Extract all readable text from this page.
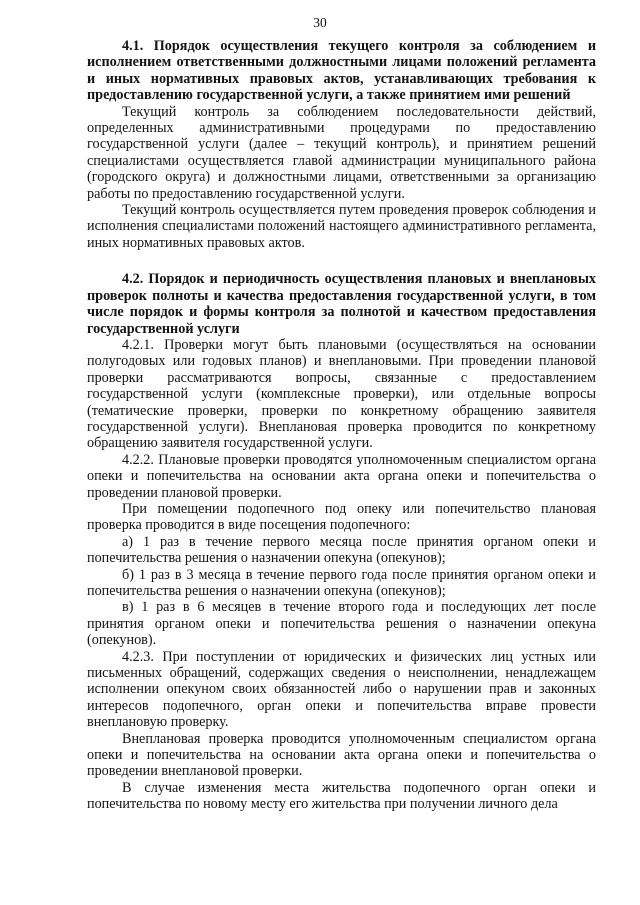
30

4.1. Порядок осуществления текущего контроля за соблюдением и исполнением ответственными должностными лицами положений регламента и иных нормативных правовых актов, устанавливающих требования к предоставлению государственной услуги, а также принятием ими решений

Текущий контроль за соблюдением последовательности действий, определенных административными процедурами по предоставлению государственной услуги (далее – текущий контроль), и принятием решений специалистами осуществляется главой администрации муниципального района (городского округа) и должностными лицами, ответственными за организацию работы по предоставлению государственной услуги.

Текущий контроль осуществляется путем проведения проверок соблюдения и исполнения специалистами положений настоящего административного регламента, иных нормативных правовых актов.

4.2. Порядок и периодичность осуществления плановых и внеплановых проверок полноты и качества предоставления государственной услуги, в том числе порядок и формы контроля за полнотой и качеством предоставления государственной услуги

4.2.1. Проверки могут быть плановыми (осуществляться на основании полугодовых или годовых планов) и внеплановыми. При проведении плановой проверки рассматриваются вопросы, связанные с предоставлением государственной услуги (комплексные проверки), или отдельные вопросы (тематические проверки, проверки по конкретному обращению заявителя государственной услуги). Внеплановая проверка проводится по конкретному обращению заявителя государственной услуги.

4.2.2. Плановые проверки проводятся уполномоченным специалистом органа опеки и попечительства на основании акта органа опеки и попечительства о проведении плановой проверки.

При помещении подопечного под опеку или попечительство плановая проверка проводится в виде посещения подопечного:

а) 1 раз в течение первого месяца после принятия органом опеки и попечительства решения о назначении опекуна (опекунов);

б) 1 раз в 3 месяца в течение первого года после принятия органом опеки и попечительства решения о назначении опекуна (опекунов);

в) 1 раз в 6 месяцев в течение второго года и последующих лет после принятия органом опеки и попечительства решения о назначении опекуна (опекунов).

4.2.3. При поступлении от юридических и физических лиц устных или письменных обращений, содержащих сведения о неисполнении, ненадлежащем исполнении опекуном своих обязанностей либо о нарушении прав и законных интересов подопечного, орган опеки и попечительства вправе провести внеплановую проверку.

Внеплановая проверка проводится уполномоченным специалистом органа опеки и попечительства на основании акта органа опеки и попечительства о проведении внеплановой проверки.

В случае изменения места жительства подопечного орган опеки и попечительства по новому месту его жительства при получении личного дела
